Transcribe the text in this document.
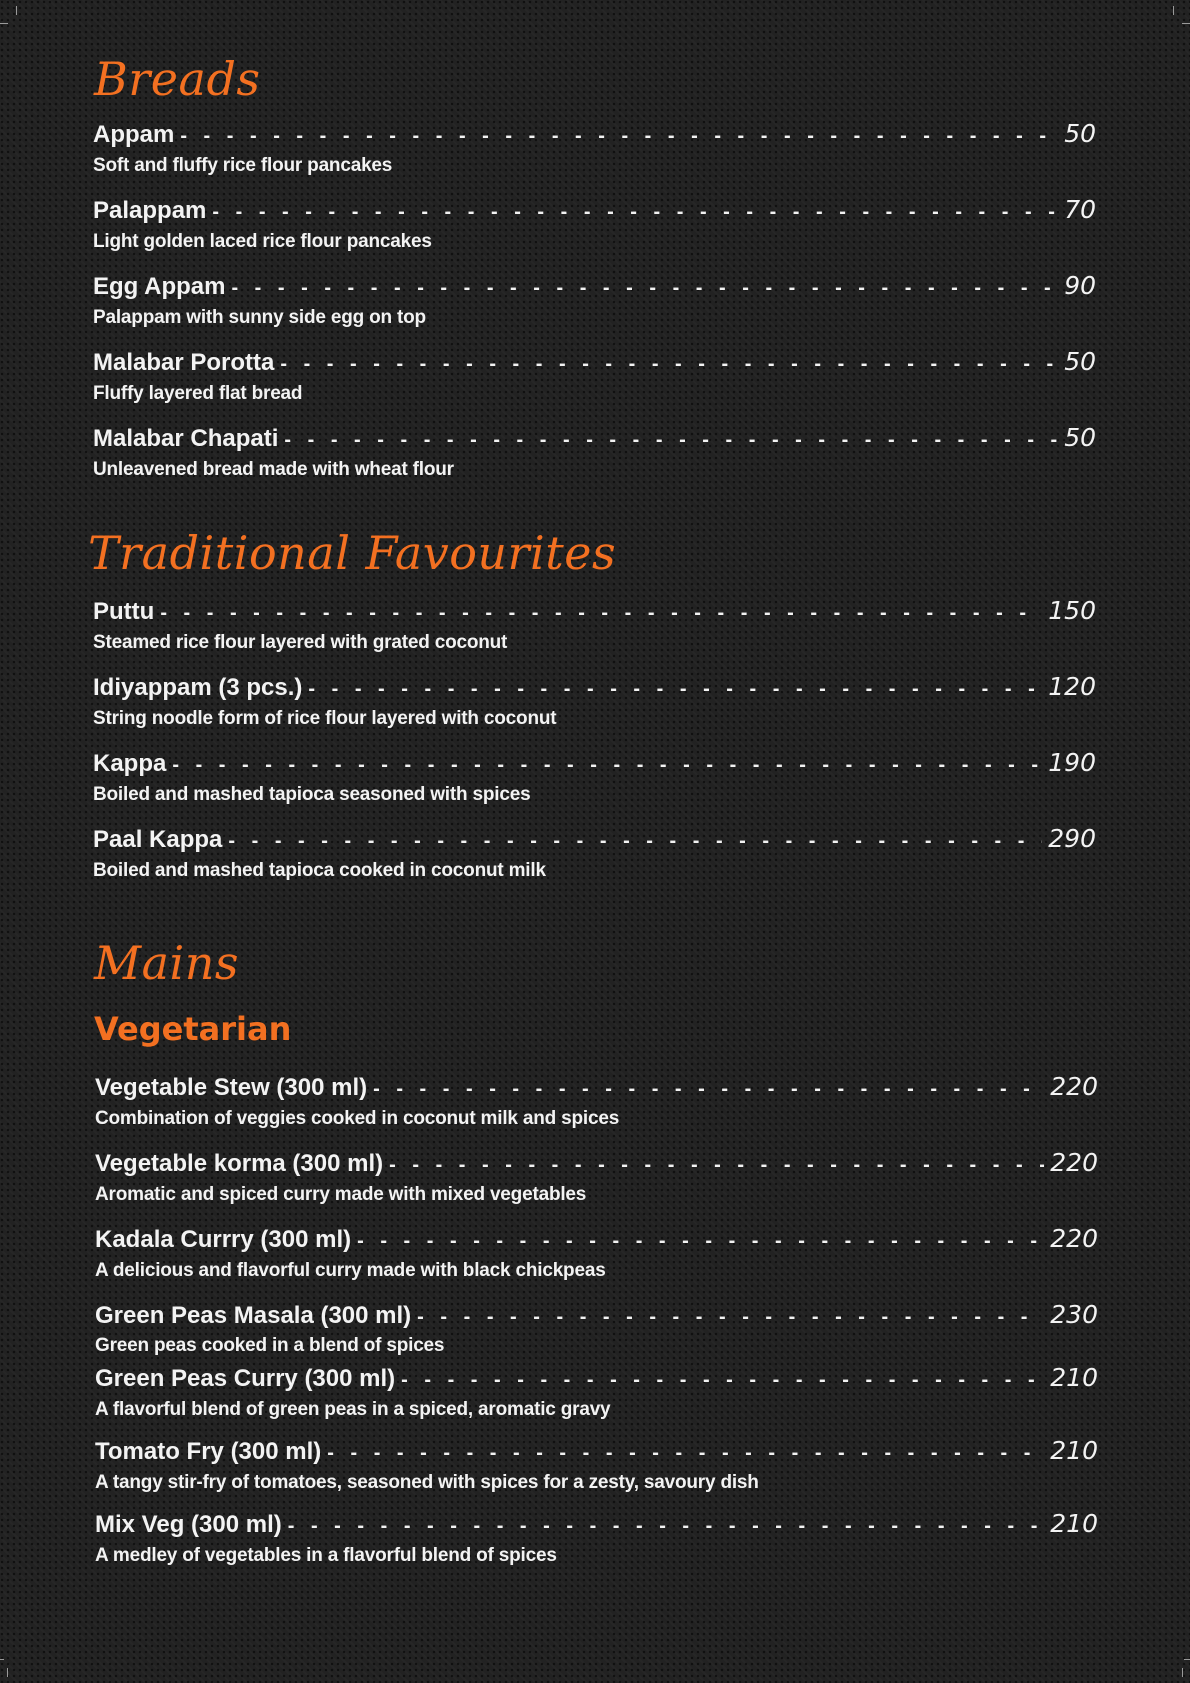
Breads
Appam - - -	50
Soft and fluffy rice flour pancakes
Palappam - - -	70
Light golden laced rice flour pancakes
Egg Appam - - -	90
Palappam with sunny side egg on top
Malabar Porotta - - -	50
Fluffy layered flat bread
Malabar Chapati - - -	50
Unleavened bread made with wheat flour
Traditional Favourites
Puttu - - -	150
Steamed rice flour layered with grated coconut
Idiyappam (3 pcs.) - - -	120
String noodle form of rice flour layered with coconut
Kappa - - -	190
Boiled and mashed tapioca seasoned with spices
Paal Kappa - - -	290
Boiled and mashed tapioca cooked in coconut milk
Mains
Vegetarian
Vegetable Stew (300 ml) - - -	220
Combination of veggies cooked in coconut milk and spices
Vegetable korma (300 ml) - - -	220
Aromatic and spiced curry made with mixed vegetables
Kadala Currry (300 ml) - - -	220
A delicious and flavorful curry made with black chickpeas
Green Peas Masala (300 ml) - - -	230
Green peas cooked in a blend of spices
Green Peas Curry (300 ml) - - -	210
A flavorful blend of green peas in a spiced, aromatic gravy
Tomato Fry (300 ml) - - -	210
A tangy stir-fry of tomatoes, seasoned with spices for a zesty, savoury dish
Mix Veg (300 ml) - - -	210
A medley of vegetables in a flavorful blend of spices
